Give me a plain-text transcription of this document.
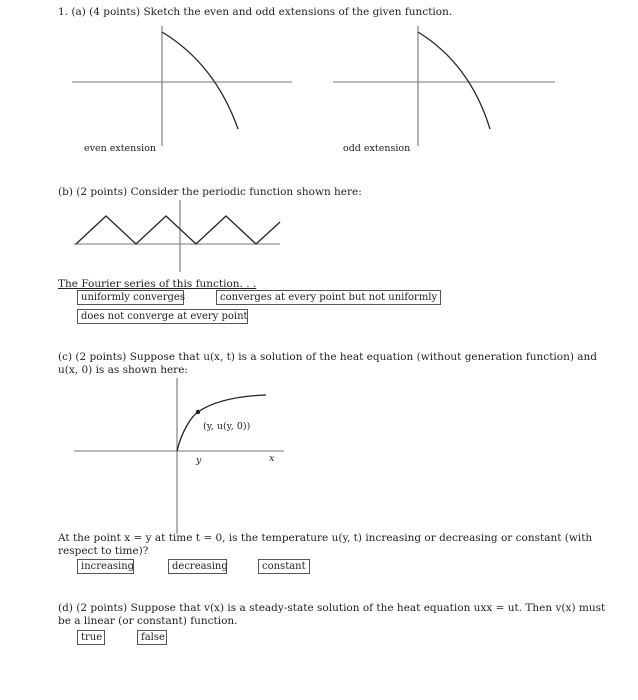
1. (a) (4 points) Sketch the even and odd extensions of the given function.
even extension	odd extension
(b) (2 points) Consider the periodic function shown here:
The Fourier series of this function. . .
uniformly converges	converges at every point but not uniformly
does not converge at every point
(c) (2 points) Suppose that u(x, t) is a solution of the heat equation (without generation function) and
u(x, 0) is as shown here:
(y, u(y, 0))
y	x
At the point x = y at time t = 0, is the temperature u(y, t) increasing or decreasing or constant (with
respect to time)?
increasing	decreasing	constant
(d) (2 points) Suppose that v(x) is a steady-state solution of the heat equation uxx = ut. Then v(x) must
be a linear (or constant) function.
true	false
